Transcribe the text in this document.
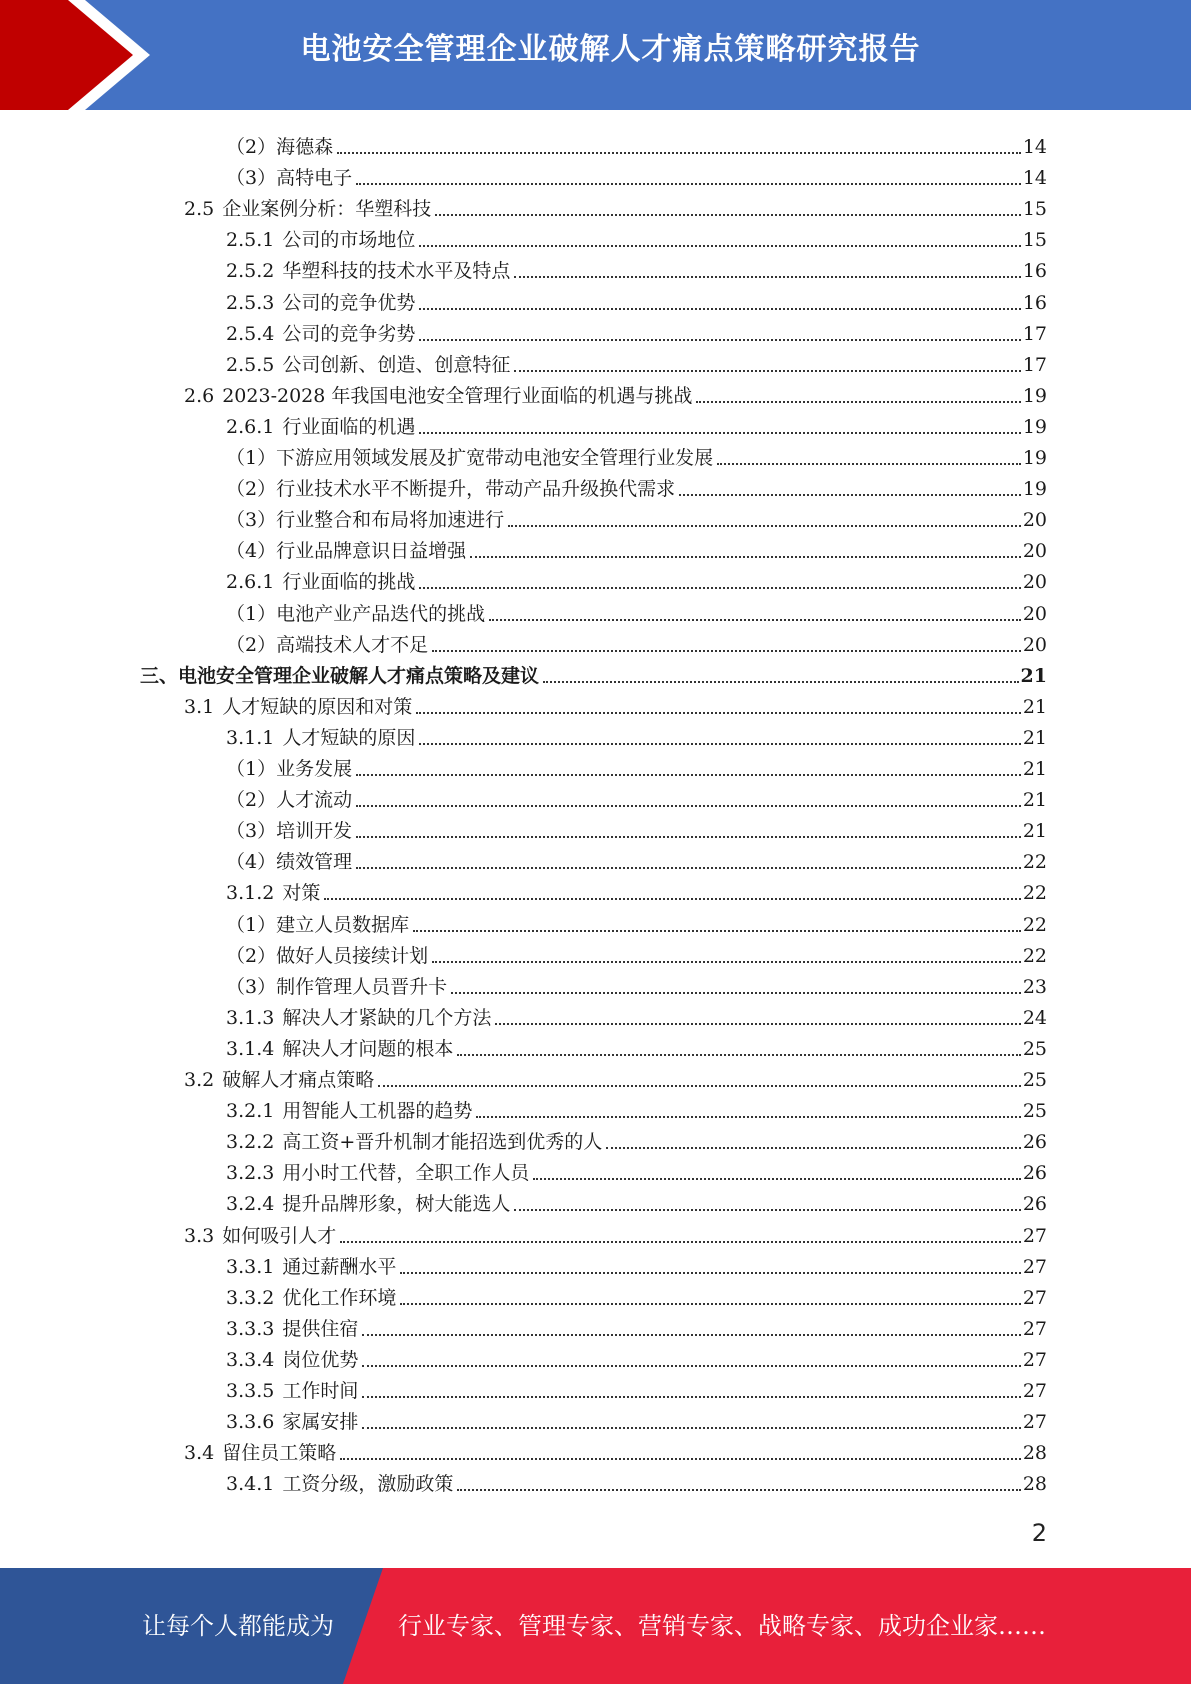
电池安全管理企业破解人才痛点策略研究报告
（2）海德森	14
（3）高特电子	14
2.5 企业案例分析：华塑科技	15
2.5.1 公司的市场地位	15
2.5.2 华塑科技的技术水平及特点	16
2.5.3 公司的竞争优势	16
2.5.4 公司的竞争劣势	17
2.5.5 公司创新、创造、创意特征	17
2.6 2023-2028 年我国电池安全管理行业面临的机遇与挑战	19
2.6.1 行业面临的机遇	19
（1）下游应用领域发展及扩宽带动电池安全管理行业发展	19
（2）行业技术水平不断提升，带动产品升级换代需求	19
（3）行业整合和布局将加速进行	20
（4）行业品牌意识日益增强	20
2.6.1 行业面临的挑战	20
（1）电池产业产品迭代的挑战	20
（2）高端技术人才不足	20
三、电池安全管理企业破解人才痛点策略及建议	21
3.1 人才短缺的原因和对策	21
3.1.1 人才短缺的原因	21
（1）业务发展	21
（2）人才流动	21
（3）培训开发	21
（4）绩效管理	22
3.1.2 对策	22
（1）建立人员数据库	22
（2）做好人员接续计划	22
（3）制作管理人员晋升卡	23
3.1.3 解决人才紧缺的几个方法	24
3.1.4 解决人才问题的根本	25
3.2 破解人才痛点策略	25
3.2.1 用智能人工机器的趋势	25
3.2.2 高工资+晋升机制才能招选到优秀的人	26
3.2.3 用小时工代替，全职工作人员	26
3.2.4 提升品牌形象，树大能选人	26
3.3 如何吸引人才	27
3.3.1 通过薪酬水平	27
3.3.2 优化工作环境	27
3.3.3 提供住宿	27
3.3.4 岗位优势	27
3.3.5 工作时间	27
3.3.6 家属安排	27
3.4 留住员工策略	28
3.4.1 工资分级，激励政策	28
2
让每个人都能成为	行业专家、管理专家、营销专家、战略专家、成功企业家……
